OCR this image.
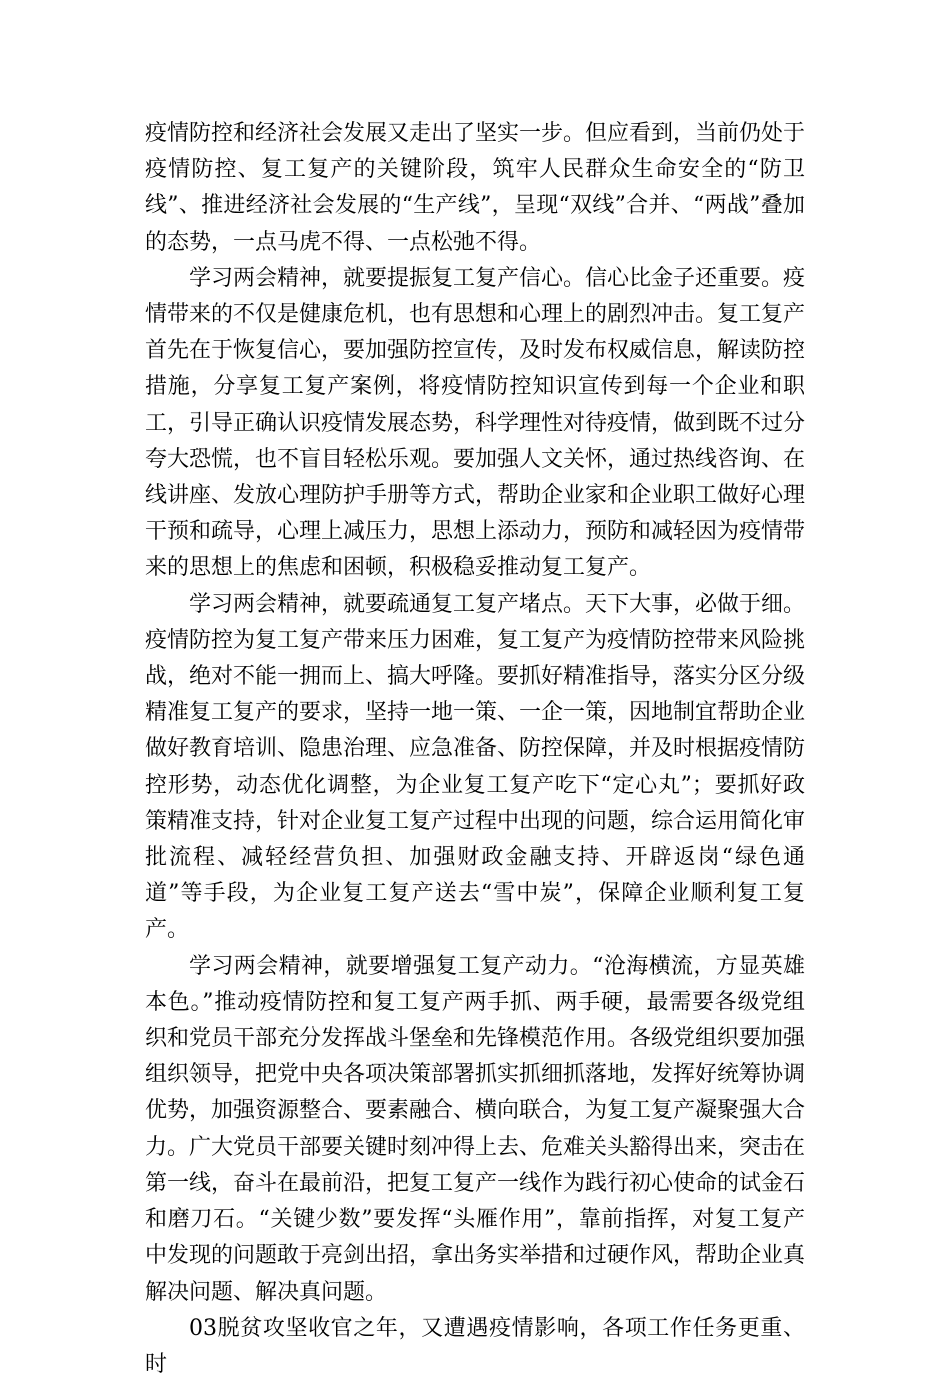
疫情防控和经济社会发展又走出了坚实一步。但应看到，当前仍处于疫情防控、复工复产的关键阶段，筑牢人民群众生命安全的“防卫线”、推进经济社会发展的“生产线”，呈现“双线”合并、“两战”叠加的态势，一点马虎不得、一点松弛不得。

学习两会精神，就要提振复工复产信心。信心比金子还重要。疫情带来的不仅是健康危机，也有思想和心理上的剧烈冲击。复工复产首先在于恢复信心，要加强防控宣传，及时发布权威信息，解读防控措施，分享复工复产案例，将疫情防控知识宣传到每一个企业和职工，引导正确认识疫情发展态势，科学理性对待疫情，做到既不过分夸大恐慌，也不盲目轻松乐观。要加强人文关怀，通过热线咨询、在线讲座、发放心理防护手册等方式，帮助企业家和企业职工做好心理干预和疏导，心理上减压力，思想上添动力，预防和减轻因为疫情带来的思想上的焦虑和困顿，积极稳妥推动复工复产。

学习两会精神，就要疏通复工复产堵点。天下大事，必做于细。疫情防控为复工复产带来压力困难，复工复产为疫情防控带来风险挑战，绝对不能一拥而上、搞大呼隆。要抓好精准指导，落实分区分级精准复工复产的要求，坚持一地一策、一企一策，因地制宜帮助企业做好教育培训、隐患治理、应急准备、防控保障，并及时根据疫情防控形势，动态优化调整，为企业复工复产吃下“定心丸”；要抓好政策精准支持，针对企业复工复产过程中出现的问题，综合运用简化审批流程、减轻经营负担、加强财政金融支持、开辟返岗“绿色通道”等手段，为企业复工复产送去“雪中炭”，保障企业顺利复工复产。

学习两会精神，就要增强复工复产动力。“沧海横流，方显英雄本色。”推动疫情防控和复工复产两手抓、两手硬，最需要各级党组织和党员干部充分发挥战斗堡垒和先锋模范作用。各级党组织要加强组织领导，把党中央各项决策部署抓实抓细抓落地，发挥好统筹协调优势，加强资源整合、要素融合、横向联合，为复工复产凝聚强大合力。广大党员干部要关键时刻冲得上去、危难关头豁得出来，突击在第一线，奋斗在最前沿，把复工复产一线作为践行初心使命的试金石和磨刀石。“关键少数”要发挥“头雁作用”，靠前指挥，对复工复产中发现的问题敢于亮剑出招，拿出务实举措和过硬作风，帮助企业真解决问题、解决真问题。

03脱贫攻坚收官之年，又遭遇疫情影响，各项工作任务更重、时
